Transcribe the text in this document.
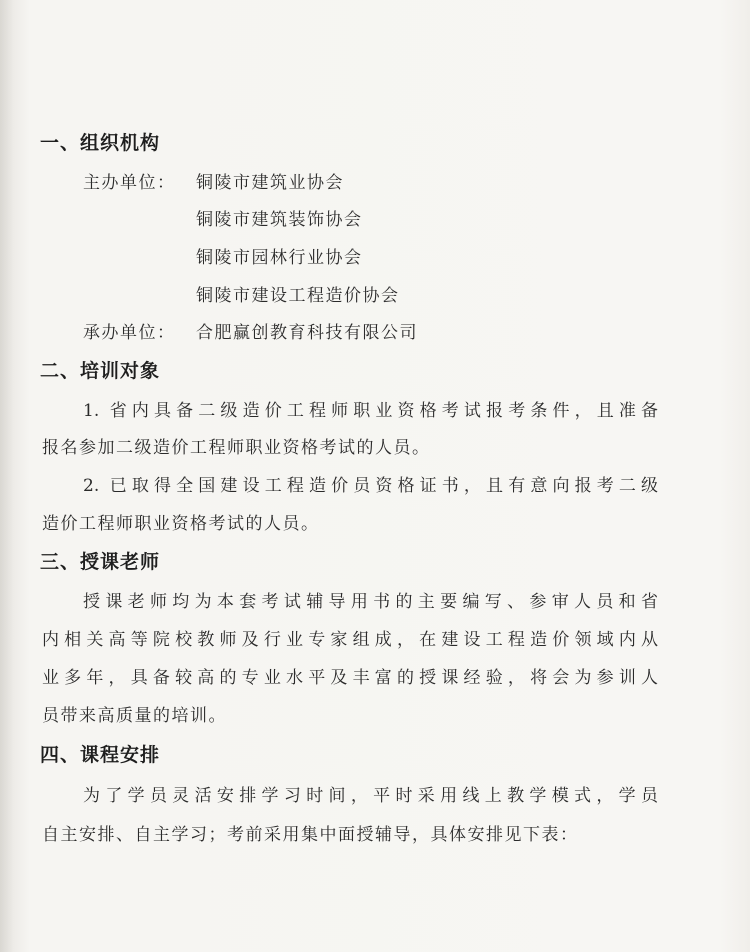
一、组织机构
主办单位： 铜陵市建筑业协会
铜陵市建筑装饰协会
铜陵市园林行业协会
铜陵市建设工程造价协会
承办单位： 合肥赢创教育科技有限公司
二、培训对象
1. 省内具备二级造价工程师职业资格考试报考条件，且准备
报名参加二级造价工程师职业资格考试的人员。
2. 已取得全国建设工程造价员资格证书，且有意向报考二级
造价工程师职业资格考试的人员。
三、授课老师
授课老师均为本套考试辅导用书的主要编写、参审人员和省
内相关高等院校教师及行业专家组成，在建设工程造价领域内从
业多年，具备较高的专业水平及丰富的授课经验，将会为参训人
员带来高质量的培训。
四、课程安排
为了学员灵活安排学习时间，平时采用线上教学模式，学员
自主安排、自主学习；考前采用集中面授辅导，具体安排见下表：
